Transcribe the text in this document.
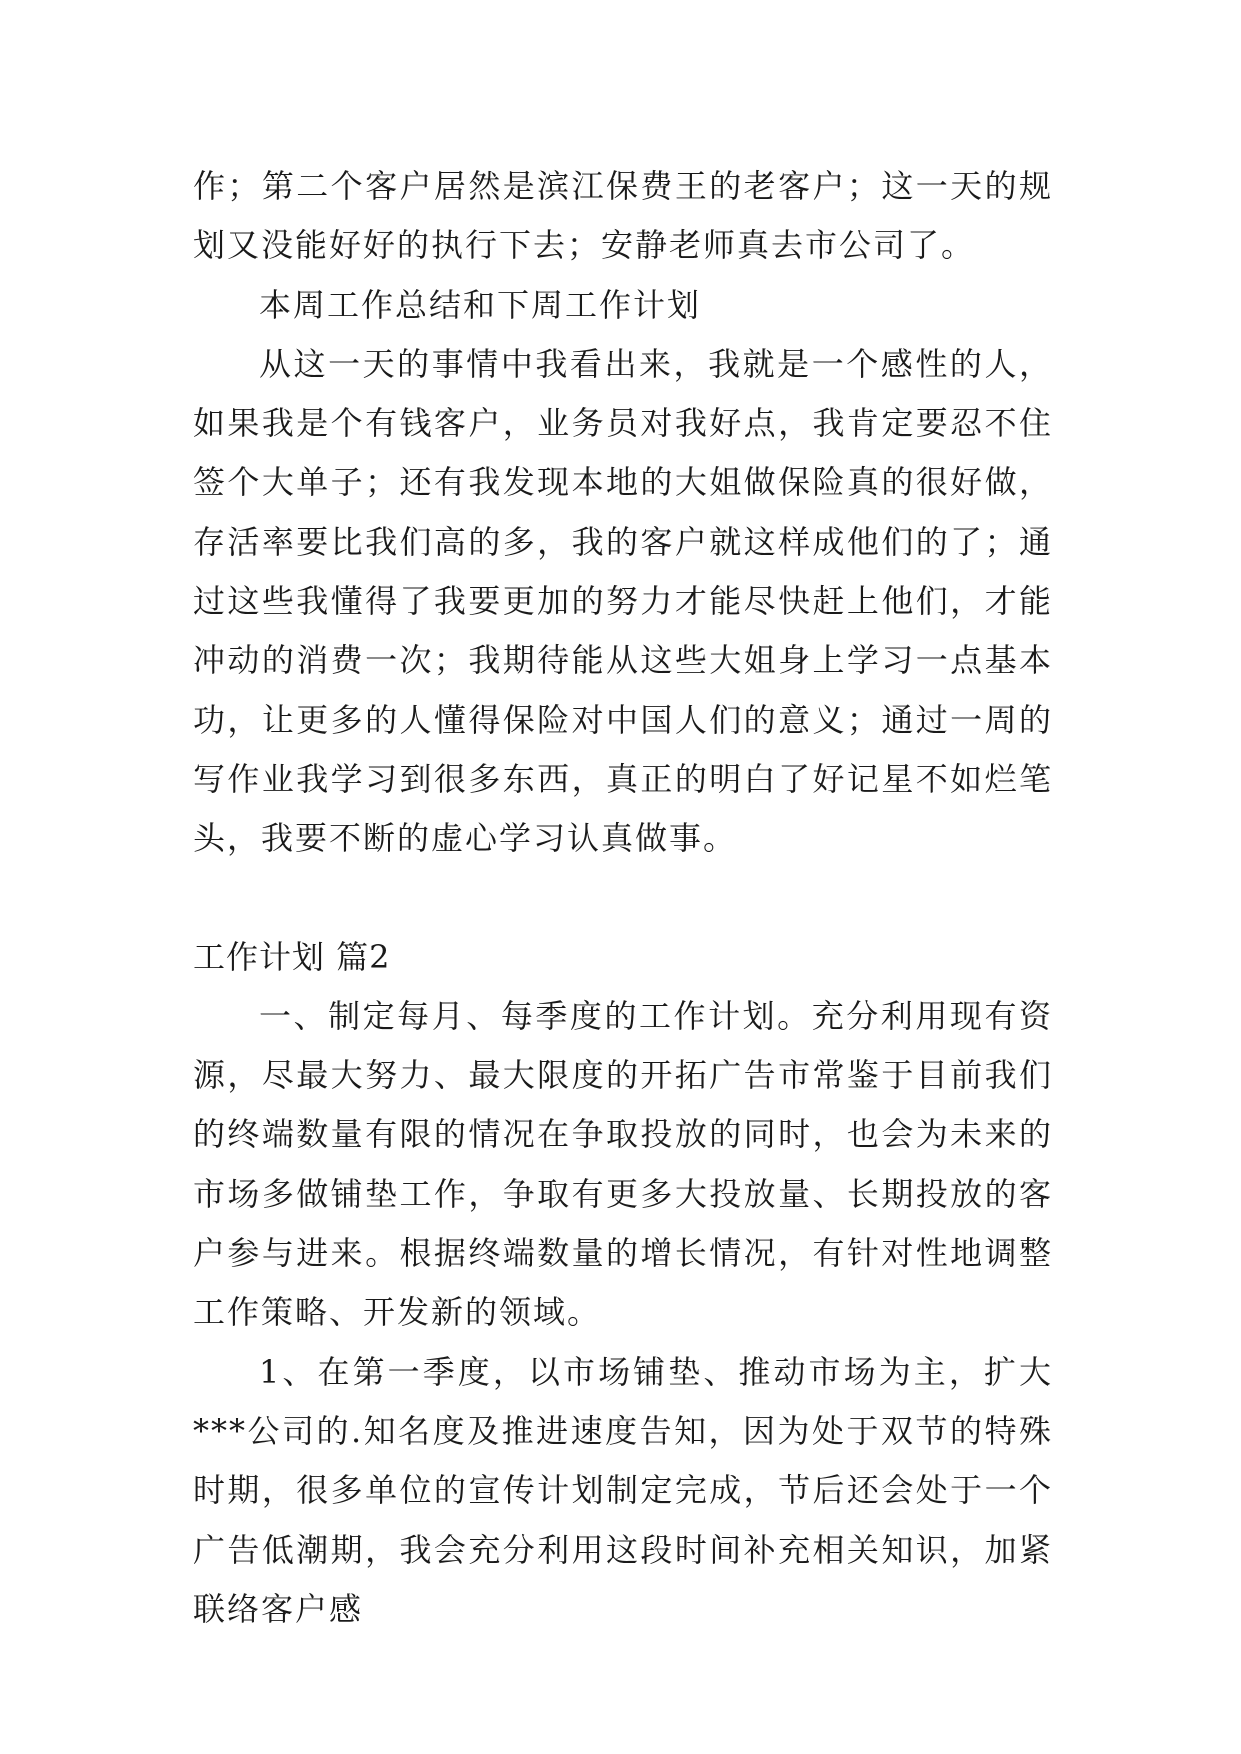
作；第二个客户居然是滨江保费王的老客户；这一天的规划又没能好好的执行下去；安静老师真去市公司了。

本周工作总结和下周工作计划

从这一天的事情中我看出来，我就是一个感性的人，如果我是个有钱客户，业务员对我好点，我肯定要忍不住签个大单子；还有我发现本地的大姐做保险真的很好做，存活率要比我们高的多，我的客户就这样成他们的了；通过这些我懂得了我要更加的努力才能尽快赶上他们，才能冲动的消费一次；我期待能从这些大姐身上学习一点基本功，让更多的人懂得保险对中国人们的意义；通过一周的写作业我学习到很多东西，真正的明白了好记星不如烂笔头，我要不断的虚心学习认真做事。

工作计划 篇2

一、制定每月、每季度的工作计划。充分利用现有资源，尽最大努力、最大限度的开拓广告市常鉴于目前我们的终端数量有限的情况在争取投放的同时，也会为未来的市场多做铺垫工作，争取有更多大投放量、长期投放的客户参与进来。根据终端数量的增长情况，有针对性地调整工作策略、开发新的领域。

1、在第一季度，以市场铺垫、推动市场为主，扩大***公司的.知名度及推进速度告知，因为处于双节的特殊时期，很多单位的宣传计划制定完成，节后还会处于一个广告低潮期，我会充分利用这段时间补充相关知识，加紧联络客户感
